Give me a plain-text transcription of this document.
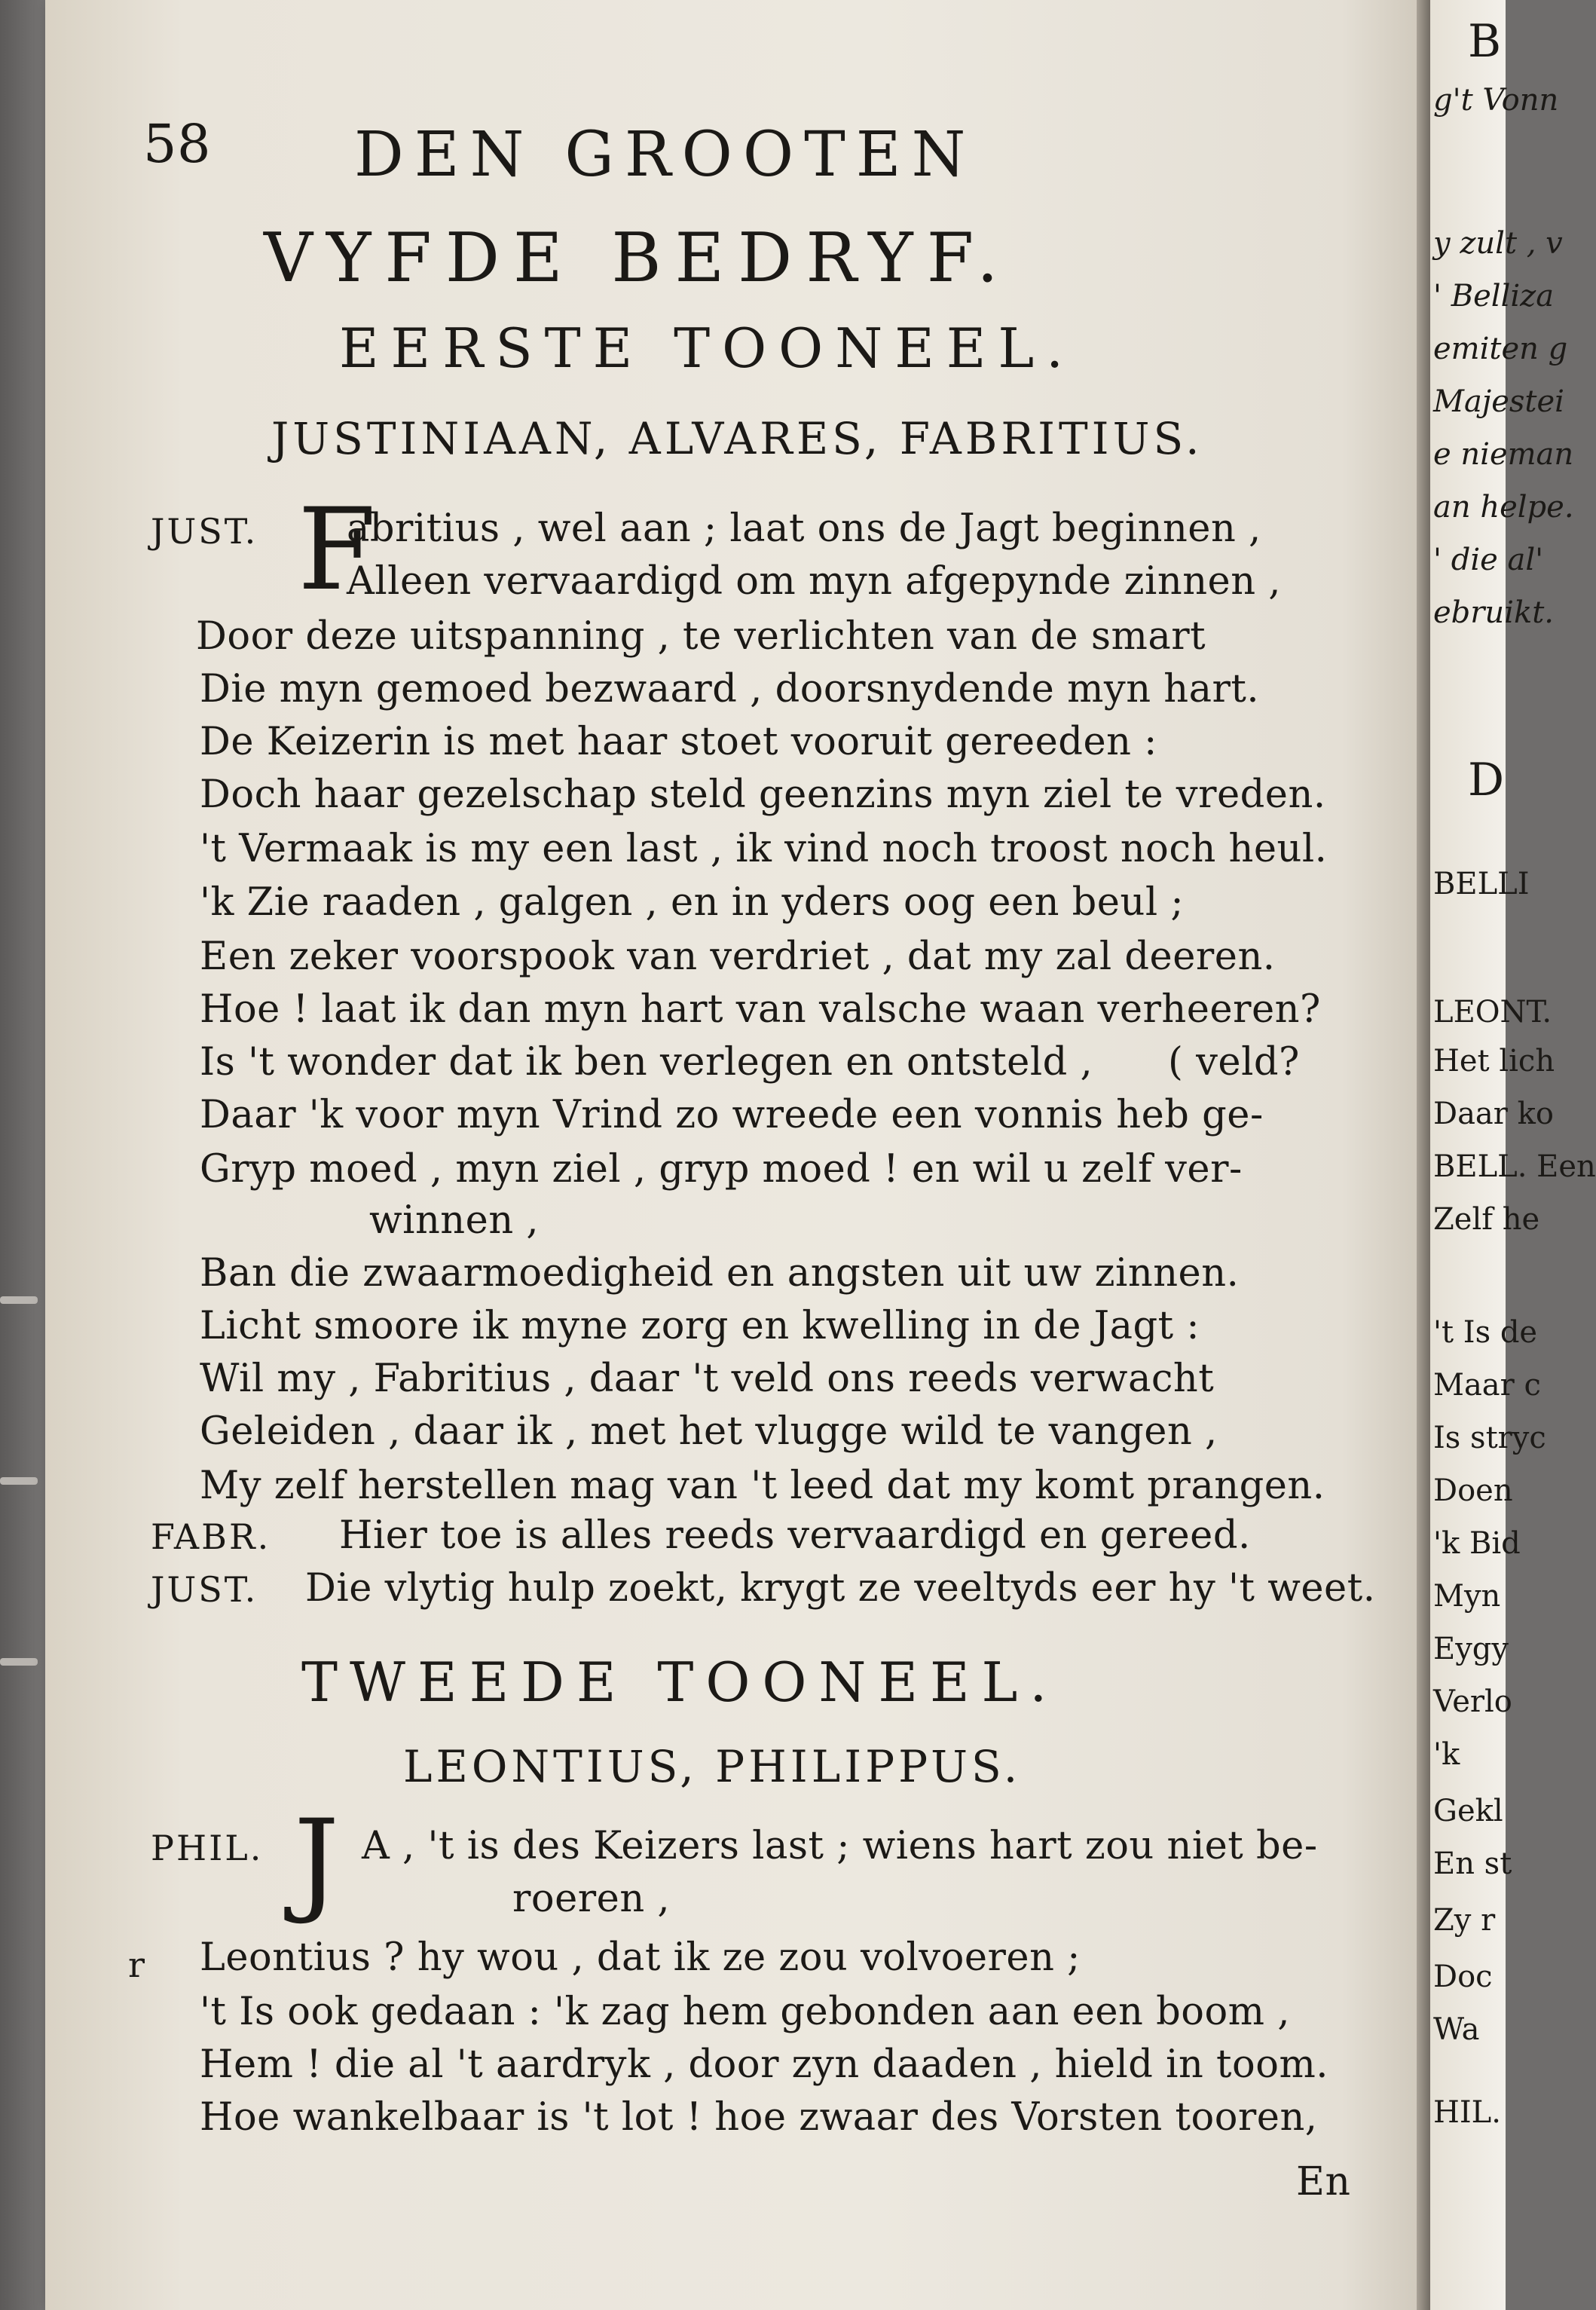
58 DEN GROOTEN
VYFDE BEDRYF.
EERSTE TOONEEL.
JUSTINIAAN, ALVARES, FABRITIUS.
JUST. F
abritius , wel aan ; laat ons de Jagt beginnen ,
Alleen vervaardigd om myn afgepynde zinnen ,
Door deze uitspanning , te verlichten van de smart
Die myn gemoed bezwaard , doorsnydende myn hart.
De Keizerin is met haar stoet vooruit gereeden :
Doch haar gezelschap steld geenzins myn ziel te vreden.
't Vermaak is my een last , ik vind noch troost noch heul.
'k Zie raaden , galgen , en in yders oog een beul ;
Een zeker voorspook van verdriet , dat my zal deeren.
Hoe ! laat ik dan myn hart van valsche waan verheeren?
Is 't wonder dat ik ben verlegen en ontsteld , ( veld?
Daar 'k voor myn Vrind zo wreede een vonnis heb ge-
Gryp moed , myn ziel , gryp moed ! en wil u zelf ver-
winnen ,
Ban die zwaarmoedigheid en angsten uit uw zinnen.
Licht smoore ik myne zorg en kwelling in de Jagt :
Wil my , Fabritius , daar 't veld ons reeds verwacht
Geleiden , daar ik , met het vlugge wild te vangen ,
My zelf herstellen mag van 't leed dat my komt prangen.
FABR. Hier toe is alles reeds vervaardigd en gereed.
JUST. Die vlytig hulp zoekt, krygt ze veeltyds eer hy 't weet.
TWEEDE TOONEEL.
LEONTIUS, PHILIPPUS.
PHIL. J A , 't is des Keizers last ; wiens hart zou niet be-
roeren ,
r Leontius ? hy wou , dat ik ze zou volvoeren ;
't Is ook gedaan : 'k zag hem gebonden aan een boom ,
Hem ! die al 't aardryk , door zyn daaden , hield in toom.
Hoe wankelbaar is 't lot ! hoe zwaar des Vorsten tooren,
En
B
g't Vonn
y zult , v
' Belliza
emiten g
Majestei
e nieman
an helpe.
' die al'
ebruikt.
D
BELLI
LEONT.
Het lich
Daar ko
BELL. Een
Zelf he
't Is de
Maar c
Is stryc
Doen
'k Bid
Myn
Eygy
Verlo
'k
Gekl
En st
Zy r
Doc
Wa
HIL.
